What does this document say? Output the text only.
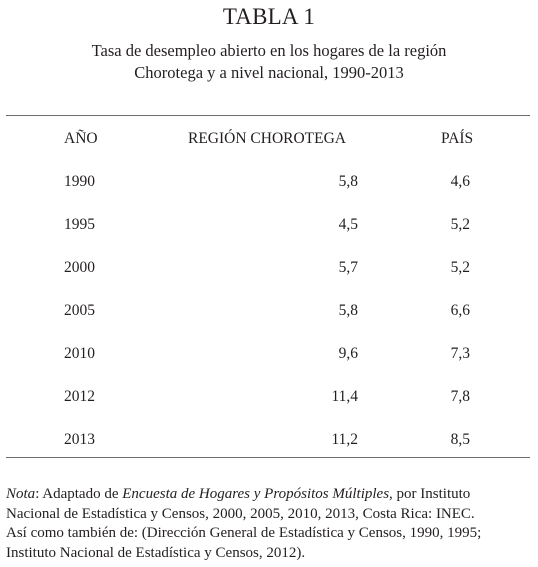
TABLA 1
Tasa de desempleo abierto en los hogares de la región
Chorotega y a nivel nacional, 1990-2013
AÑO	REGIÓN CHOROTEGA	PAÍS
1990	5,8	4,6
1995	4,5	5,2
2000	5,7	5,2
2005	5,8	6,6
2010	9,6	7,3
2012	11,4	7,8
2013	11,2	8,5
Nota: Adaptado de Encuesta de Hogares y Propósitos Múltiples, por Instituto
Nacional de Estadística y Censos, 2000, 2005, 2010, 2013, Costa Rica: INEC.
Así como también de: (Dirección General de Estadística y Censos, 1990, 1995;
Instituto Nacional de Estadística y Censos, 2012).
